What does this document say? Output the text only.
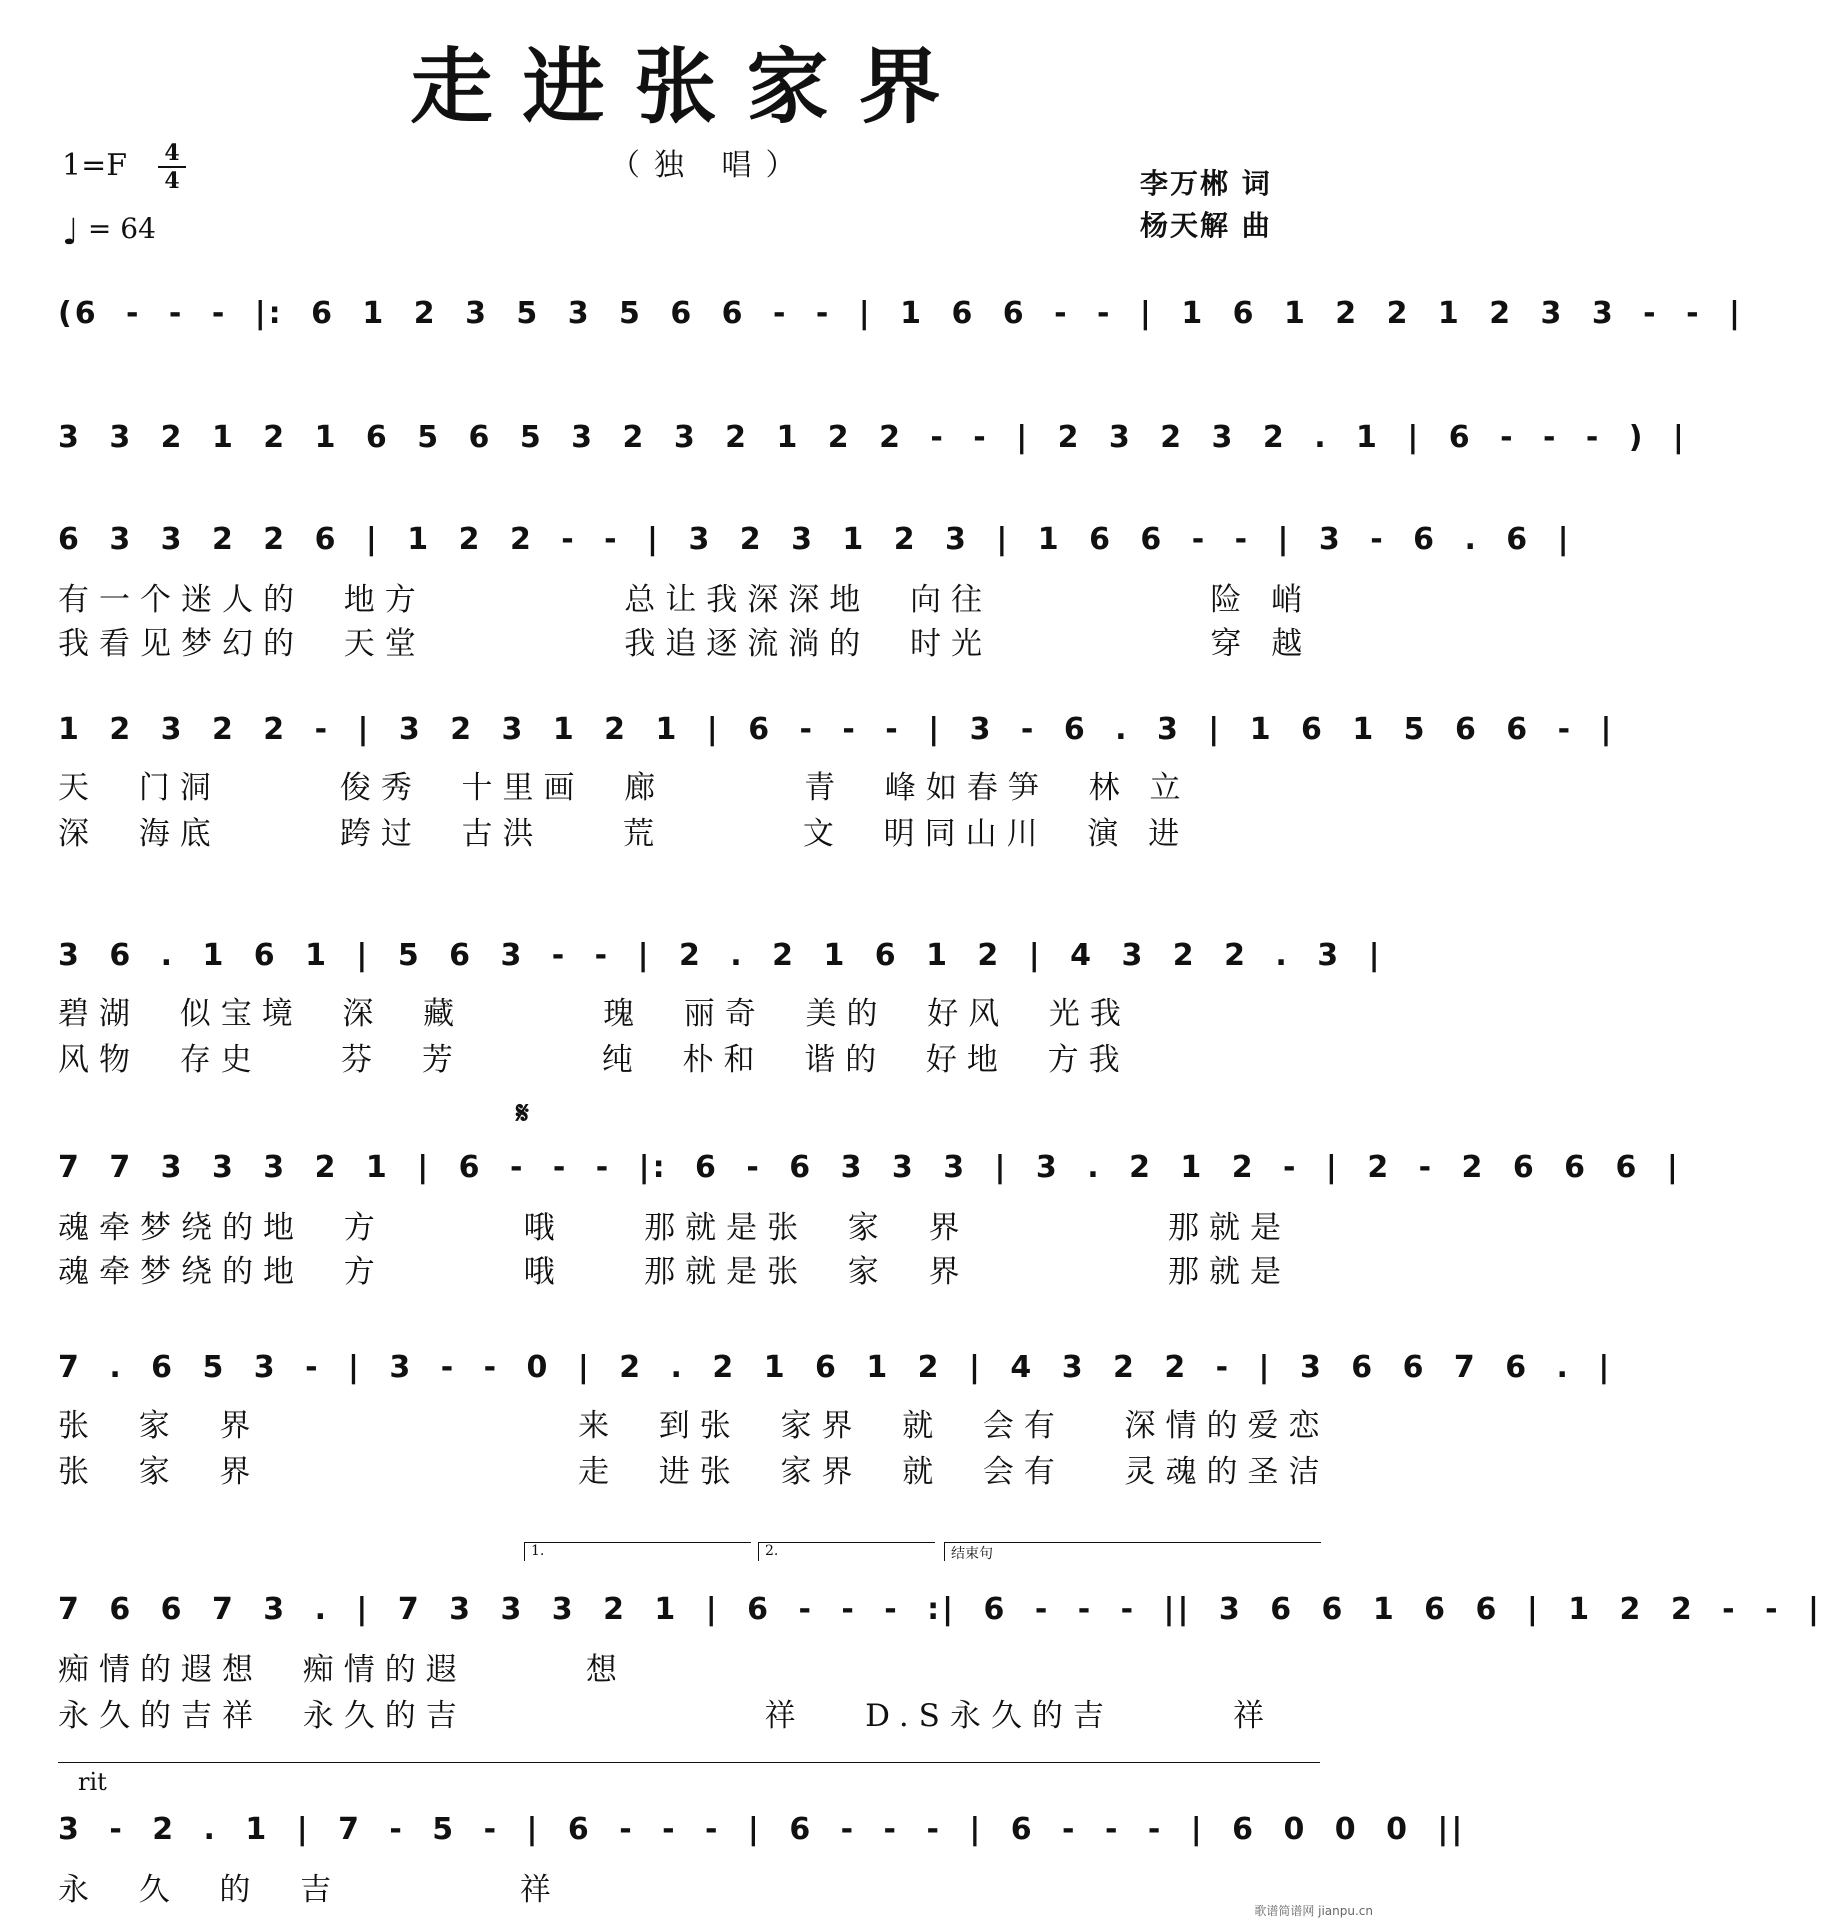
走进张家界
（独 唱）
$1=F \frac{4}{4}$
♩ = 64
李万郴 词
杨天解 曲
(6 - - - |: 6 1 2 3 5 3 5 6 6 - - | 1 6 6 - - | 1 6 1 2 2 1 2 3 3 - - |
3 3 2 1 2 1 6 5 6 5 3 2 3 2 1 2 2 - - | 2 3 2 3 2 . 1 | 6 - - - ) |
6 3 3 2 2 6 | 1 2 2 - - | 3 2 3 1 2 3 | 1 6 6 - - | 3 - 6 . 6 |
有一个迷人的  地方          总让我深深地  向往           险 峭
我看见梦幻的  天堂          我追逐流淌的  时光           穿 越
1 2 3 2 2 - | 3 2 3 1 2 1 | 6 - - - | 3 - 6 . 3 | 1 6 1 5 6 6 - |
天  门洞      俊秀  十里画  廊       青  峰如春笋  林 立
深  海底      跨过  古洪    荒       文  明同山川  演 进
3 6 . 1 6 1 | 5 6 3 - - | 2 . 2 1 6 1 2 | 4 3 2 2 . 3 |
碧湖  似宝境  深  藏       瑰  丽奇  美的  好风  光我
风物  存史    芬  芳       纯  朴和  谐的  好地  方我
𝄋
7 7 3 3 3 2 1 | 6 - - - |: 6 - 6 3 3 3 | 3 . 2 1 2 - | 2 - 2 6 6 6 |
魂牵梦绕的地  方       哦    那就是张  家  界          那就是
魂牵梦绕的地  方       哦    那就是张  家  界          那就是
7 . 6 5 3 - | 3 - - 0 | 2 . 2 1 6 1 2 | 4 3 2 2 - | 3 6 6 7 6 . |
张  家  界                来  到张  家界  就  会有   深情的爱恋
张  家  界                走  进张  家界  就  会有   灵魂的圣洁
1.	2.	结束句
7 6 6 7 3 . | 7 3 3 3 2 1 | 6 - - - :| 6 - - - || 3 6 6 1 6 6 | 1 2 2 - - |
痴情的遐想  痴情的遐      想
永久的吉祥  永久的吉               祥   D.S永久的吉      祥
rit
3 - 2 . 1 | 7 - 5 - | 6 - - - | 6 - - - | 6 - - - | 6 0 0 0 ||
永  久  的  吉         祥
歌谱简谱网 jianpu.cn
